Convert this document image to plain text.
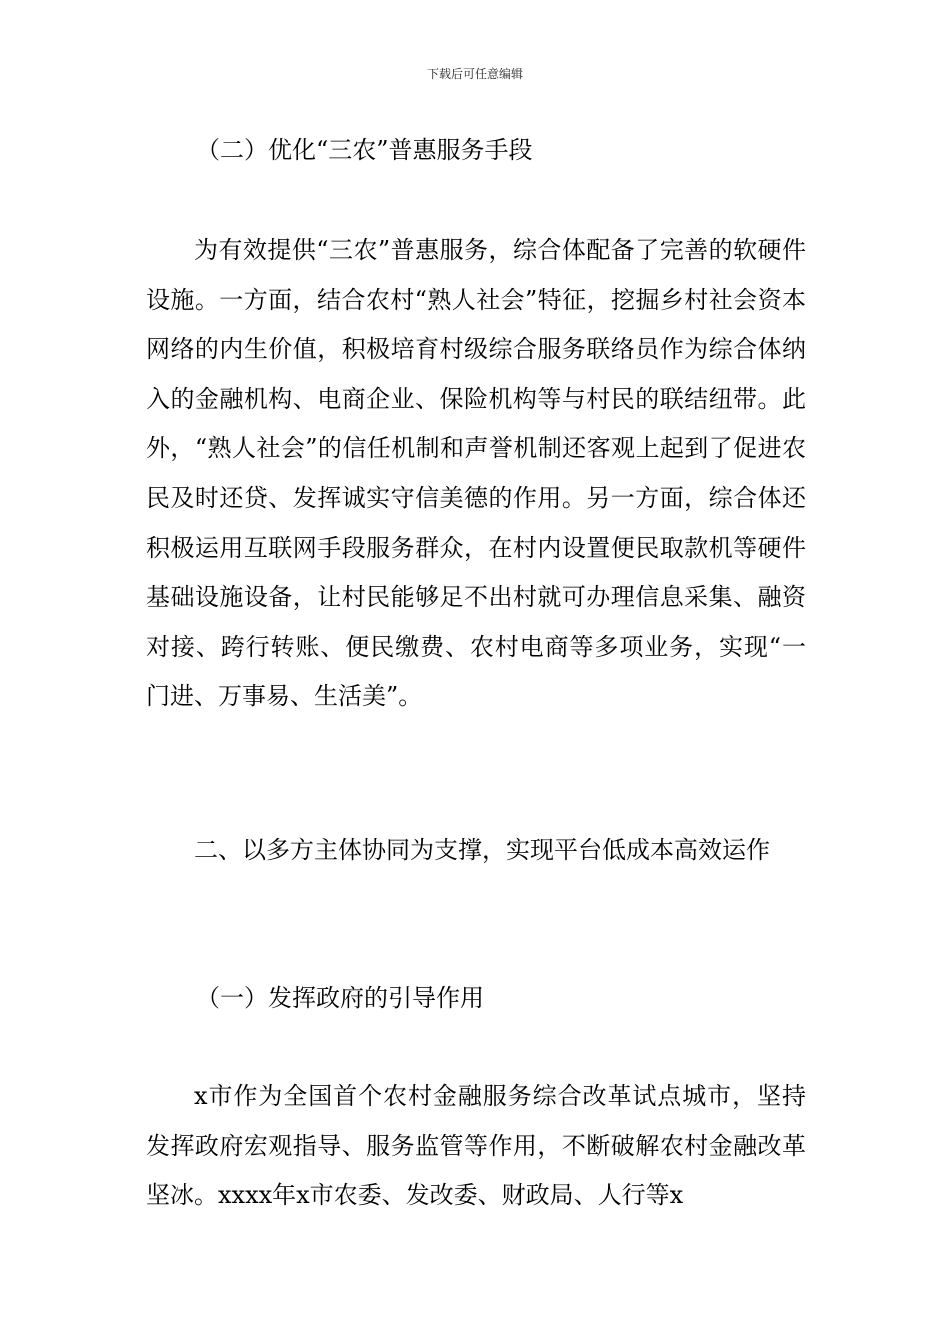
下载后可任意编辑
（二）优化“三农”普惠服务手段

为有效提供“三农”普惠服务，综合体配备了完善的软硬件设施。一方面，结合农村“熟人社会”特征，挖掘乡村社会资本网络的内生价值，积极培育村级综合服务联络员作为综合体纳入的金融机构、电商企业、保险机构等与村民的联结纽带。此外，“熟人社会”的信任机制和声誉机制还客观上起到了促进农民及时还贷、发挥诚实守信美德的作用。另一方面，综合体还积极运用互联网手段服务群众，在村内设置便民取款机等硬件基础设施设备，让村民能够足不出村就可办理信息采集、融资对接、跨行转账、便民缴费、农村电商等多项业务，实现“一门进、万事易、生活美”。

二、以多方主体协同为支撑，实现平台低成本高效运作
（一）发挥政府的引导作用

x市作为全国首个农村金融服务综合改革试点城市，坚持发挥政府宏观指导、服务监管等作用，不断破解农村金融改革坚冰。xxxx年x市农委、发改委、财政局、人行等x
